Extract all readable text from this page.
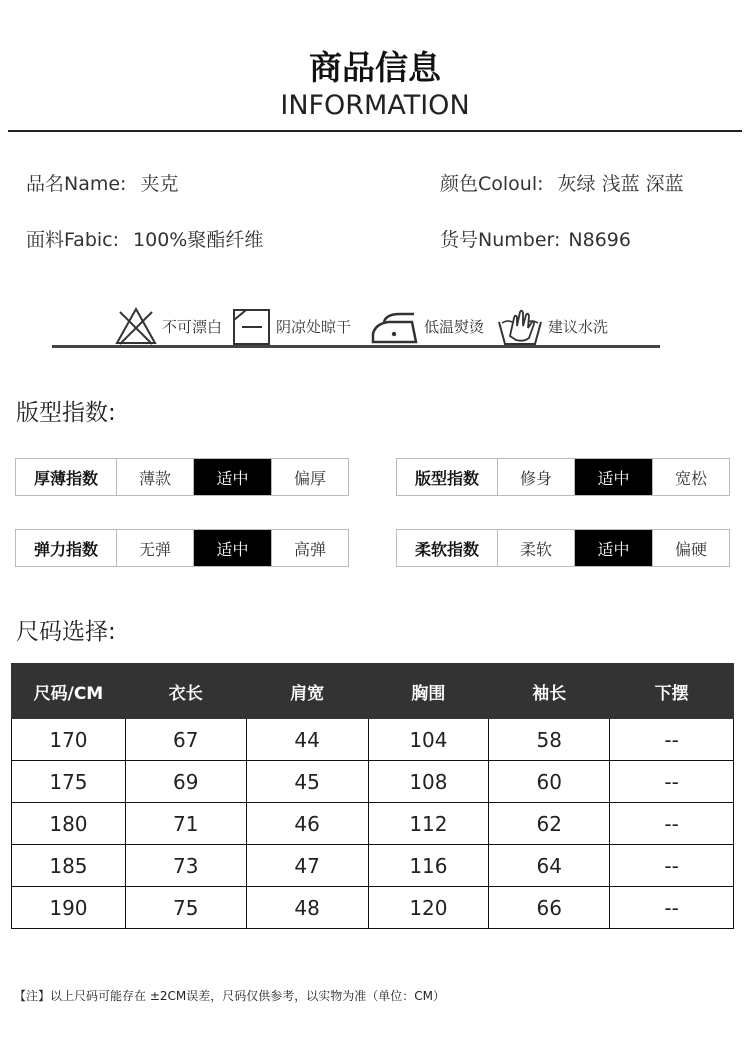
商品信息
INFORMATION
品名Name: 夹克	颜色Coloul: 灰绿 浅蓝 深蓝
面料Fabic: 100%聚酯纤维	货号Number: N8696
不可漂白	阴凉处晾干	低温熨烫	建议水洗
版型指数:
厚薄指数	薄款	适中	偏厚	版型指数	修身	适中	宽松
弹力指数	无弹	适中	高弹	柔软指数	柔软	适中	偏硬
尺码选择:
尺码/CM	衣长	肩宽	胸围	袖长	下摆
170	67	44	104	58	--
175	69	45	108	60	--
180	71	46	112	62	--
185	73	47	116	64	--
190	75	48	120	66	--
【注】以上尺码可能存在 ±2CM误差，尺码仅供参考，以实物为准（单位：CM）
